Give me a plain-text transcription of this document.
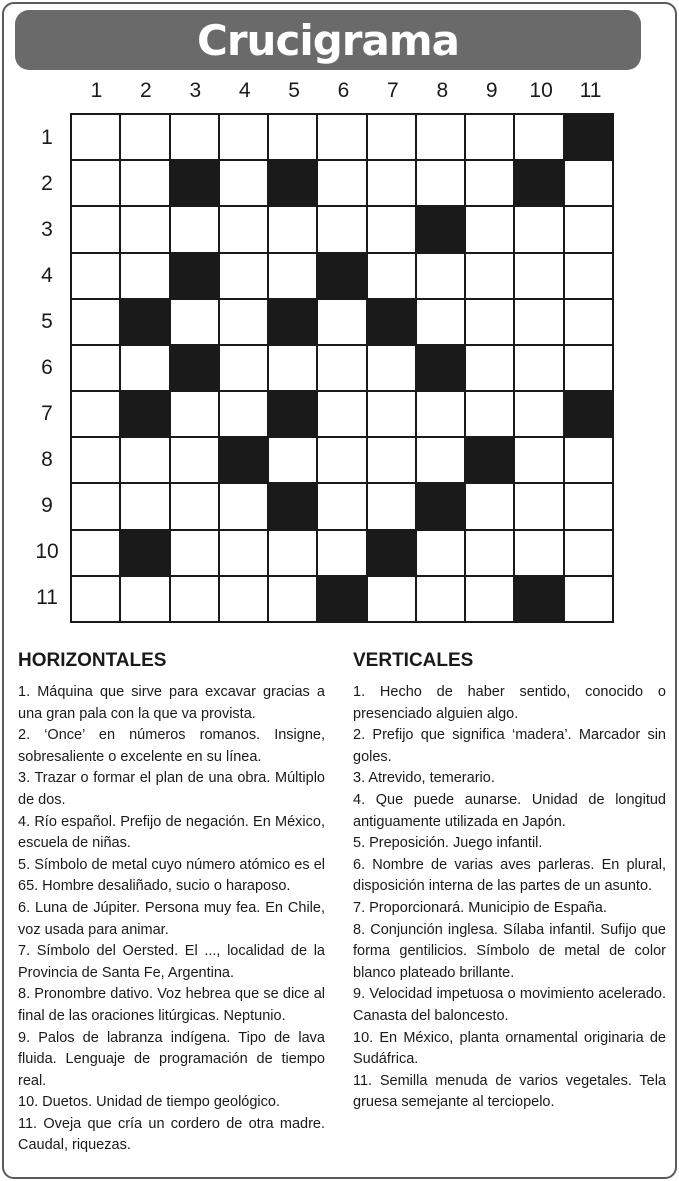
Crucigrama
1	2	3	4	5	6	7	8	9	10	11
1
2
3
4
5
6
7
8
9
10
11
HORIZONTALES

1. Máquina que sirve para excavar gracias a una gran pala con la que va provista.

2. ‘Once’ en números romanos. Insigne, sobresaliente o excelente en su línea.

3. Trazar o formar el plan de una obra. Múltiplo de dos.

4. Río español. Prefijo de negación. En México, escuela de niñas.

5. Símbolo de metal cuyo número atómico es el 65. Hombre desaliñado, sucio o haraposo.

6. Luna de Júpiter. Persona muy fea. En Chile, voz usada para animar.

7. Símbolo del Oersted. El ..., localidad de la Provincia de Santa Fe, Argentina.

8. Pronombre dativo. Voz hebrea que se dice al final de las oraciones litúrgicas. Neptunio.

9. Palos de labranza indígena. Tipo de lava fluida. Lenguaje de programación de tiempo real.

10. Duetos. Unidad de tiempo geológico.

11. Oveja que cría un cordero de otra madre. Caudal, riquezas.

VERTICALES

1. Hecho de haber sentido, conocido o presenciado alguien algo.

2. Prefijo que significa ‘madera’. Marcador sin goles.

3. Atrevido, temerario.

4. Que puede aunarse. Unidad de longitud antiguamente utilizada en Japón.

5. Preposición. Juego infantil.

6. Nombre de varias aves parleras. En plural, disposición interna de las partes de un asunto.

7. Proporcionará. Municipio de España.

8. Conjunción inglesa. Sílaba infantil. Sufijo que forma gentilicios. Símbolo de metal de color blanco plateado brillante.

9. Velocidad impetuosa o movimiento acelerado. Canasta del baloncesto.

10. En México, planta ornamental originaria de Sudáfrica.

11. Semilla menuda de varios vegetales. Tela gruesa semejante al terciopelo.
